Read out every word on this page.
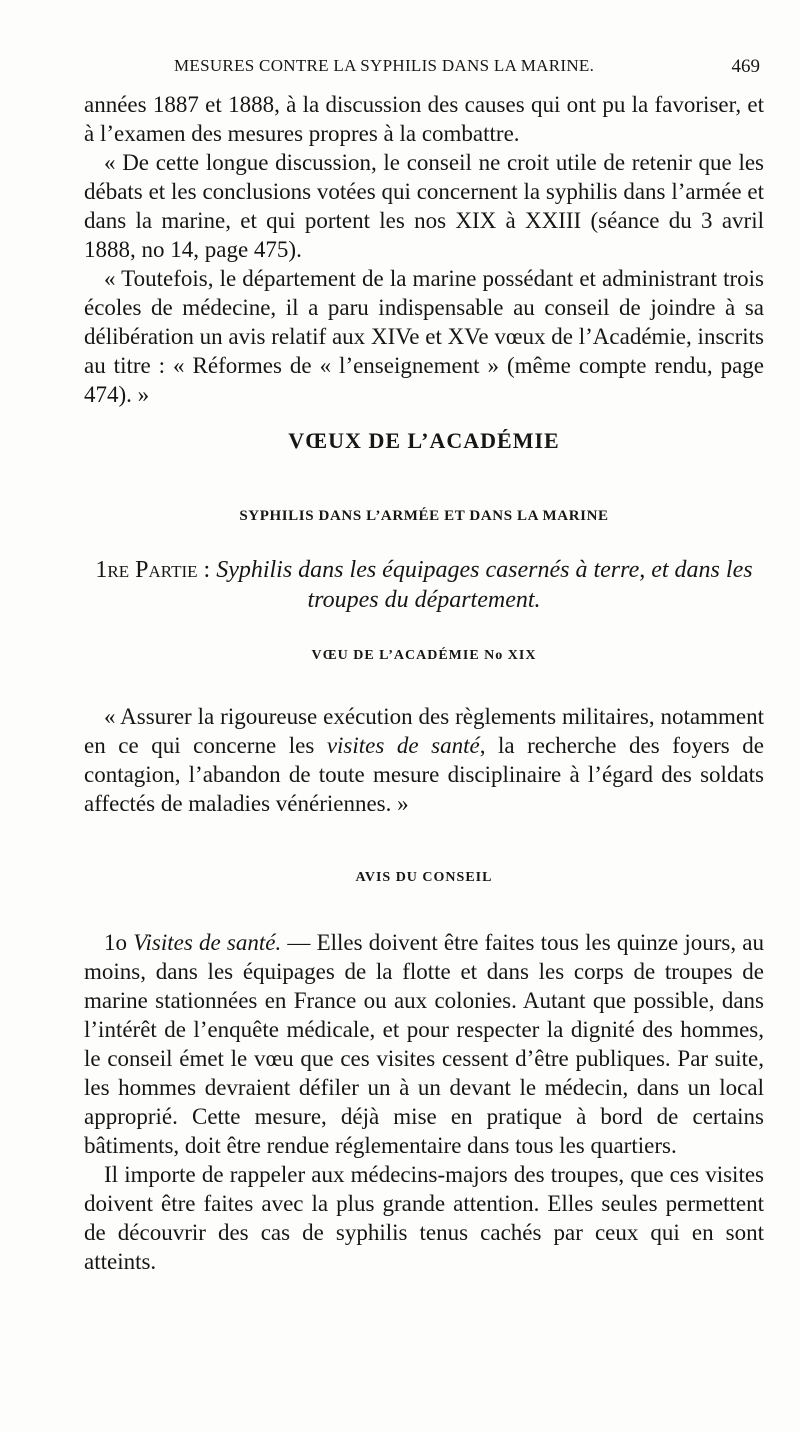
MESURES CONTRE LA SYPHILIS DANS LA MARINE.	469

années 1887 et 1888, à la discussion des causes qui ont pu la favoriser, et à l’examen des mesures propres à la combattre.

« De cette longue discussion, le conseil ne croit utile de retenir que les débats et les conclusions votées qui concernent la syphilis dans l’armée et dans la marine, et qui portent les nos XIX à XXIII (séance du 3 avril 1888, no 14, page 475).

« Toutefois, le département de la marine possédant et administrant trois écoles de médecine, il a paru indispensable au conseil de joindre à sa délibération un avis relatif aux XIVe et XVe vœux de l’Académie, inscrits au titre : « Réformes de « l’enseignement » (même compte rendu, page 474). »

VŒUX DE L’ACADÉMIE
SYPHILIS DANS L’ARMÉE ET DANS LA MARINE
1re Partie : Syphilis dans les équipages casernés à terre, et dans les troupes du département.
VŒU DE L’ACADÉMIE No XIX

« Assurer la rigoureuse exécution des règlements militaires, notamment en ce qui concerne les visites de santé, la recherche des foyers de contagion, l’abandon de toute mesure disciplinaire à l’égard des soldats affectés de maladies vénériennes. »

AVIS DU CONSEIL

1o Visites de santé. — Elles doivent être faites tous les quinze jours, au moins, dans les équipages de la flotte et dans les corps de troupes de marine stationnées en France ou aux colonies. Autant que possible, dans l’intérêt de l’enquête médicale, et pour respecter la dignité des hommes, le conseil émet le vœu que ces visites cessent d’être publiques. Par suite, les hommes devraient défiler un à un devant le médecin, dans un local approprié. Cette mesure, déjà mise en pratique à bord de certains bâtiments, doit être rendue réglementaire dans tous les quartiers.

Il importe de rappeler aux médecins-majors des troupes, que ces visites doivent être faites avec la plus grande attention. Elles seules permettent de découvrir des cas de syphilis tenus cachés par ceux qui en sont atteints.
